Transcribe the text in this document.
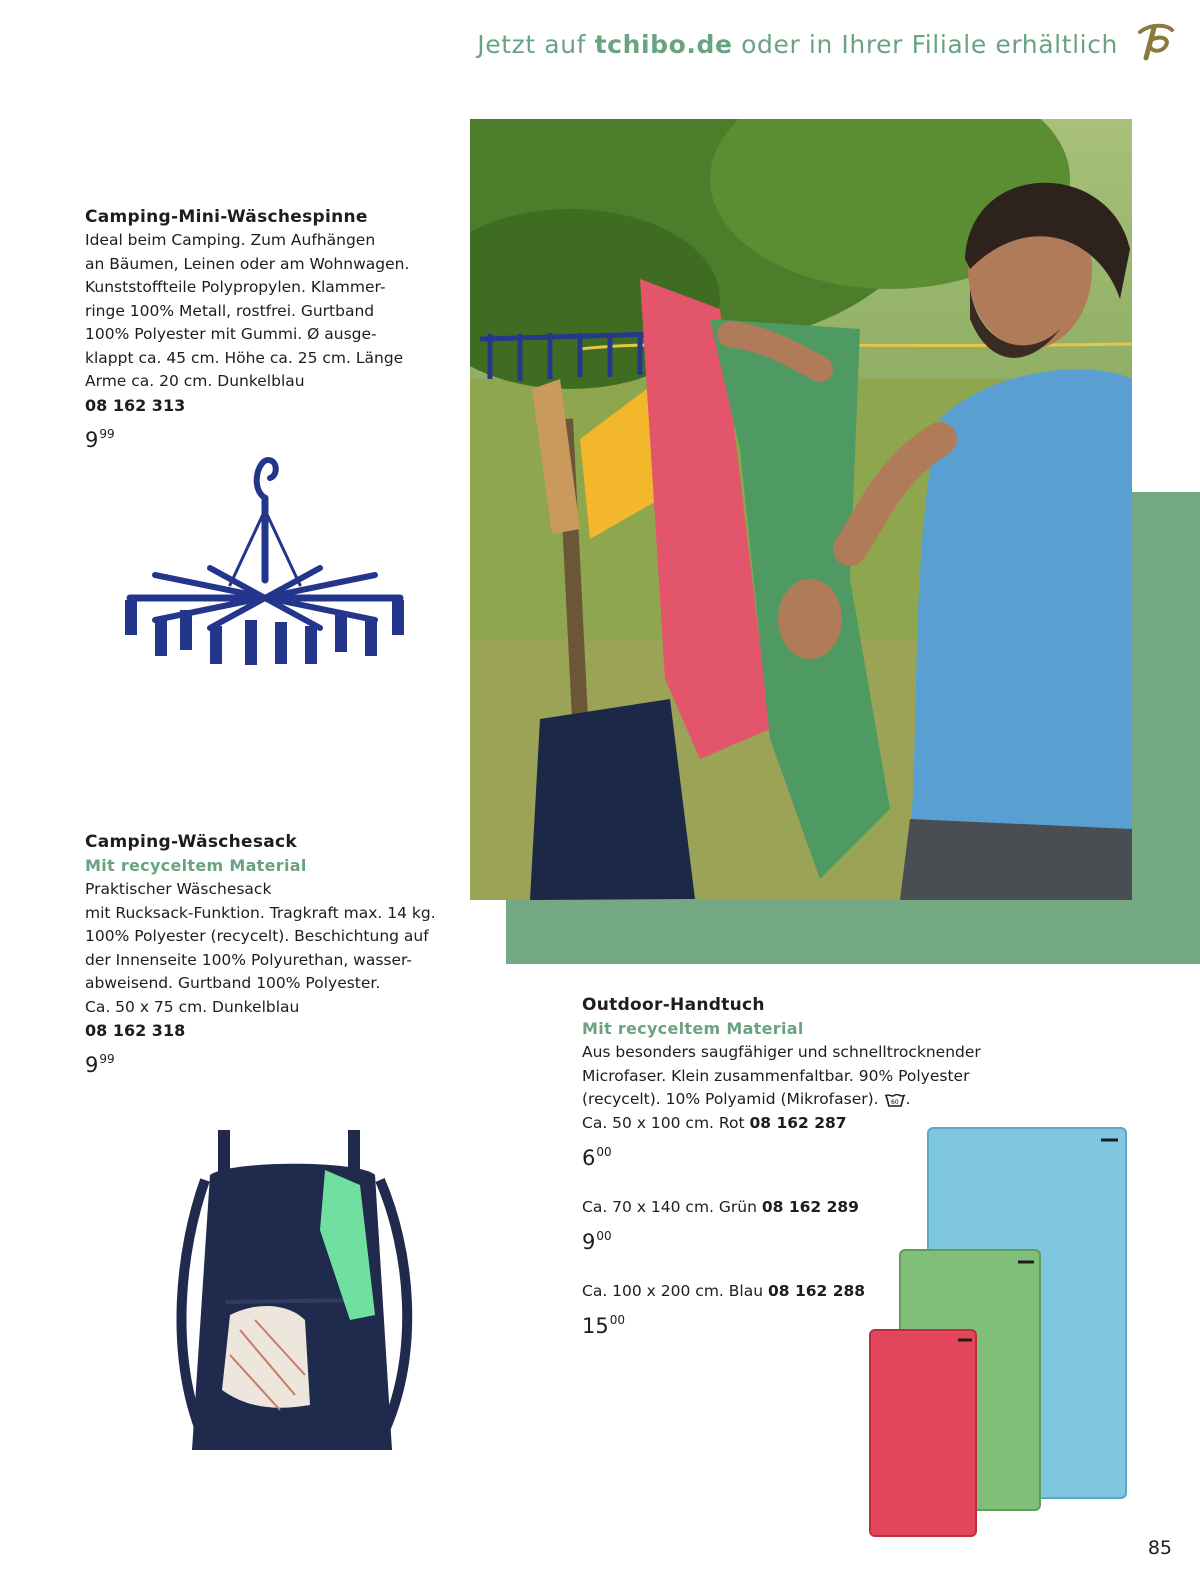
Jetzt auf tchibo.de oder in Ihrer Filiale erhältlich
Camping-Mini-Wäschespinne

Ideal beim Camping. Zum Aufhängen

an Bäumen, Leinen oder am Wohnwagen.

Kunststoffteile Polypropylen. Klammer-

ringe 100% Metall, rostfrei. Gurtband

100% Polyester mit Gummi. Ø ausge-

klappt ca. 45 cm. Höhe ca. 25 cm. Länge

Arme ca. 20 cm. Dunkelblau

08 162 313
$9^{99}$
Camping-Wäschesack
Mit recyceltem Material

Praktischer Wäschesack

mit Rucksack-Funktion. Tragkraft max. 14 kg.

100% Polyester (recycelt). Beschichtung auf

der Innenseite 100% Polyurethan, wasser-

abweisend. Gurtband 100% Polyester.

Ca. 50 x 75 cm. Dunkelblau

08 162 318
$9^{99}$
Outdoor-Handtuch
Mit recyceltem Material

Aus besonders saugfähiger und schnelltrocknender

Microfaser. Klein zusammenfaltbar. 90% Polyester

(recycelt). 10% Polyamid (Mikrofaser). 60 .

Ca. 50 x 100 cm. Rot 08 162 287
$6^{00}$
Ca. 70 x 140 cm. Grün 08 162 289
$9^{00}$
Ca. 100 x 200 cm. Blau 08 162 288
$15^{00}$
85
